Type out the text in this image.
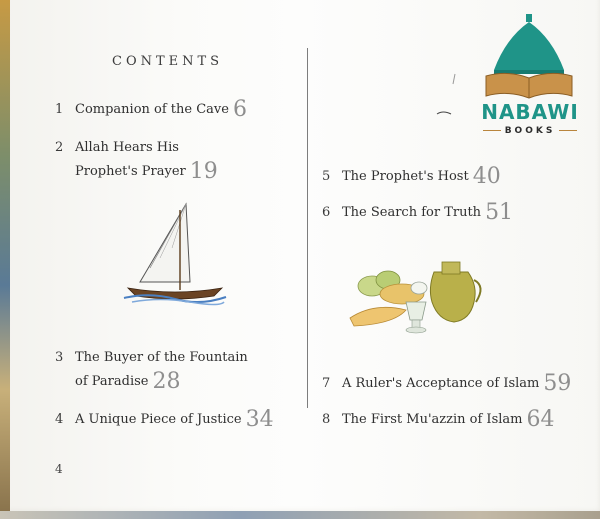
CONTENTS
1 Companion of the Cave 6
2 Allah Hears His
Prophet's Prayer 19
3 The Buyer of the Fountain
of Paradise 28
4 A Unique Piece of Justice 34
5 The Prophet's Host 40
6 The Search for Truth 51
7 A Ruler's Acceptance of Islam 59
8 The First Mu'azzin of Islam 64
4
NABAWI
BOOKS
